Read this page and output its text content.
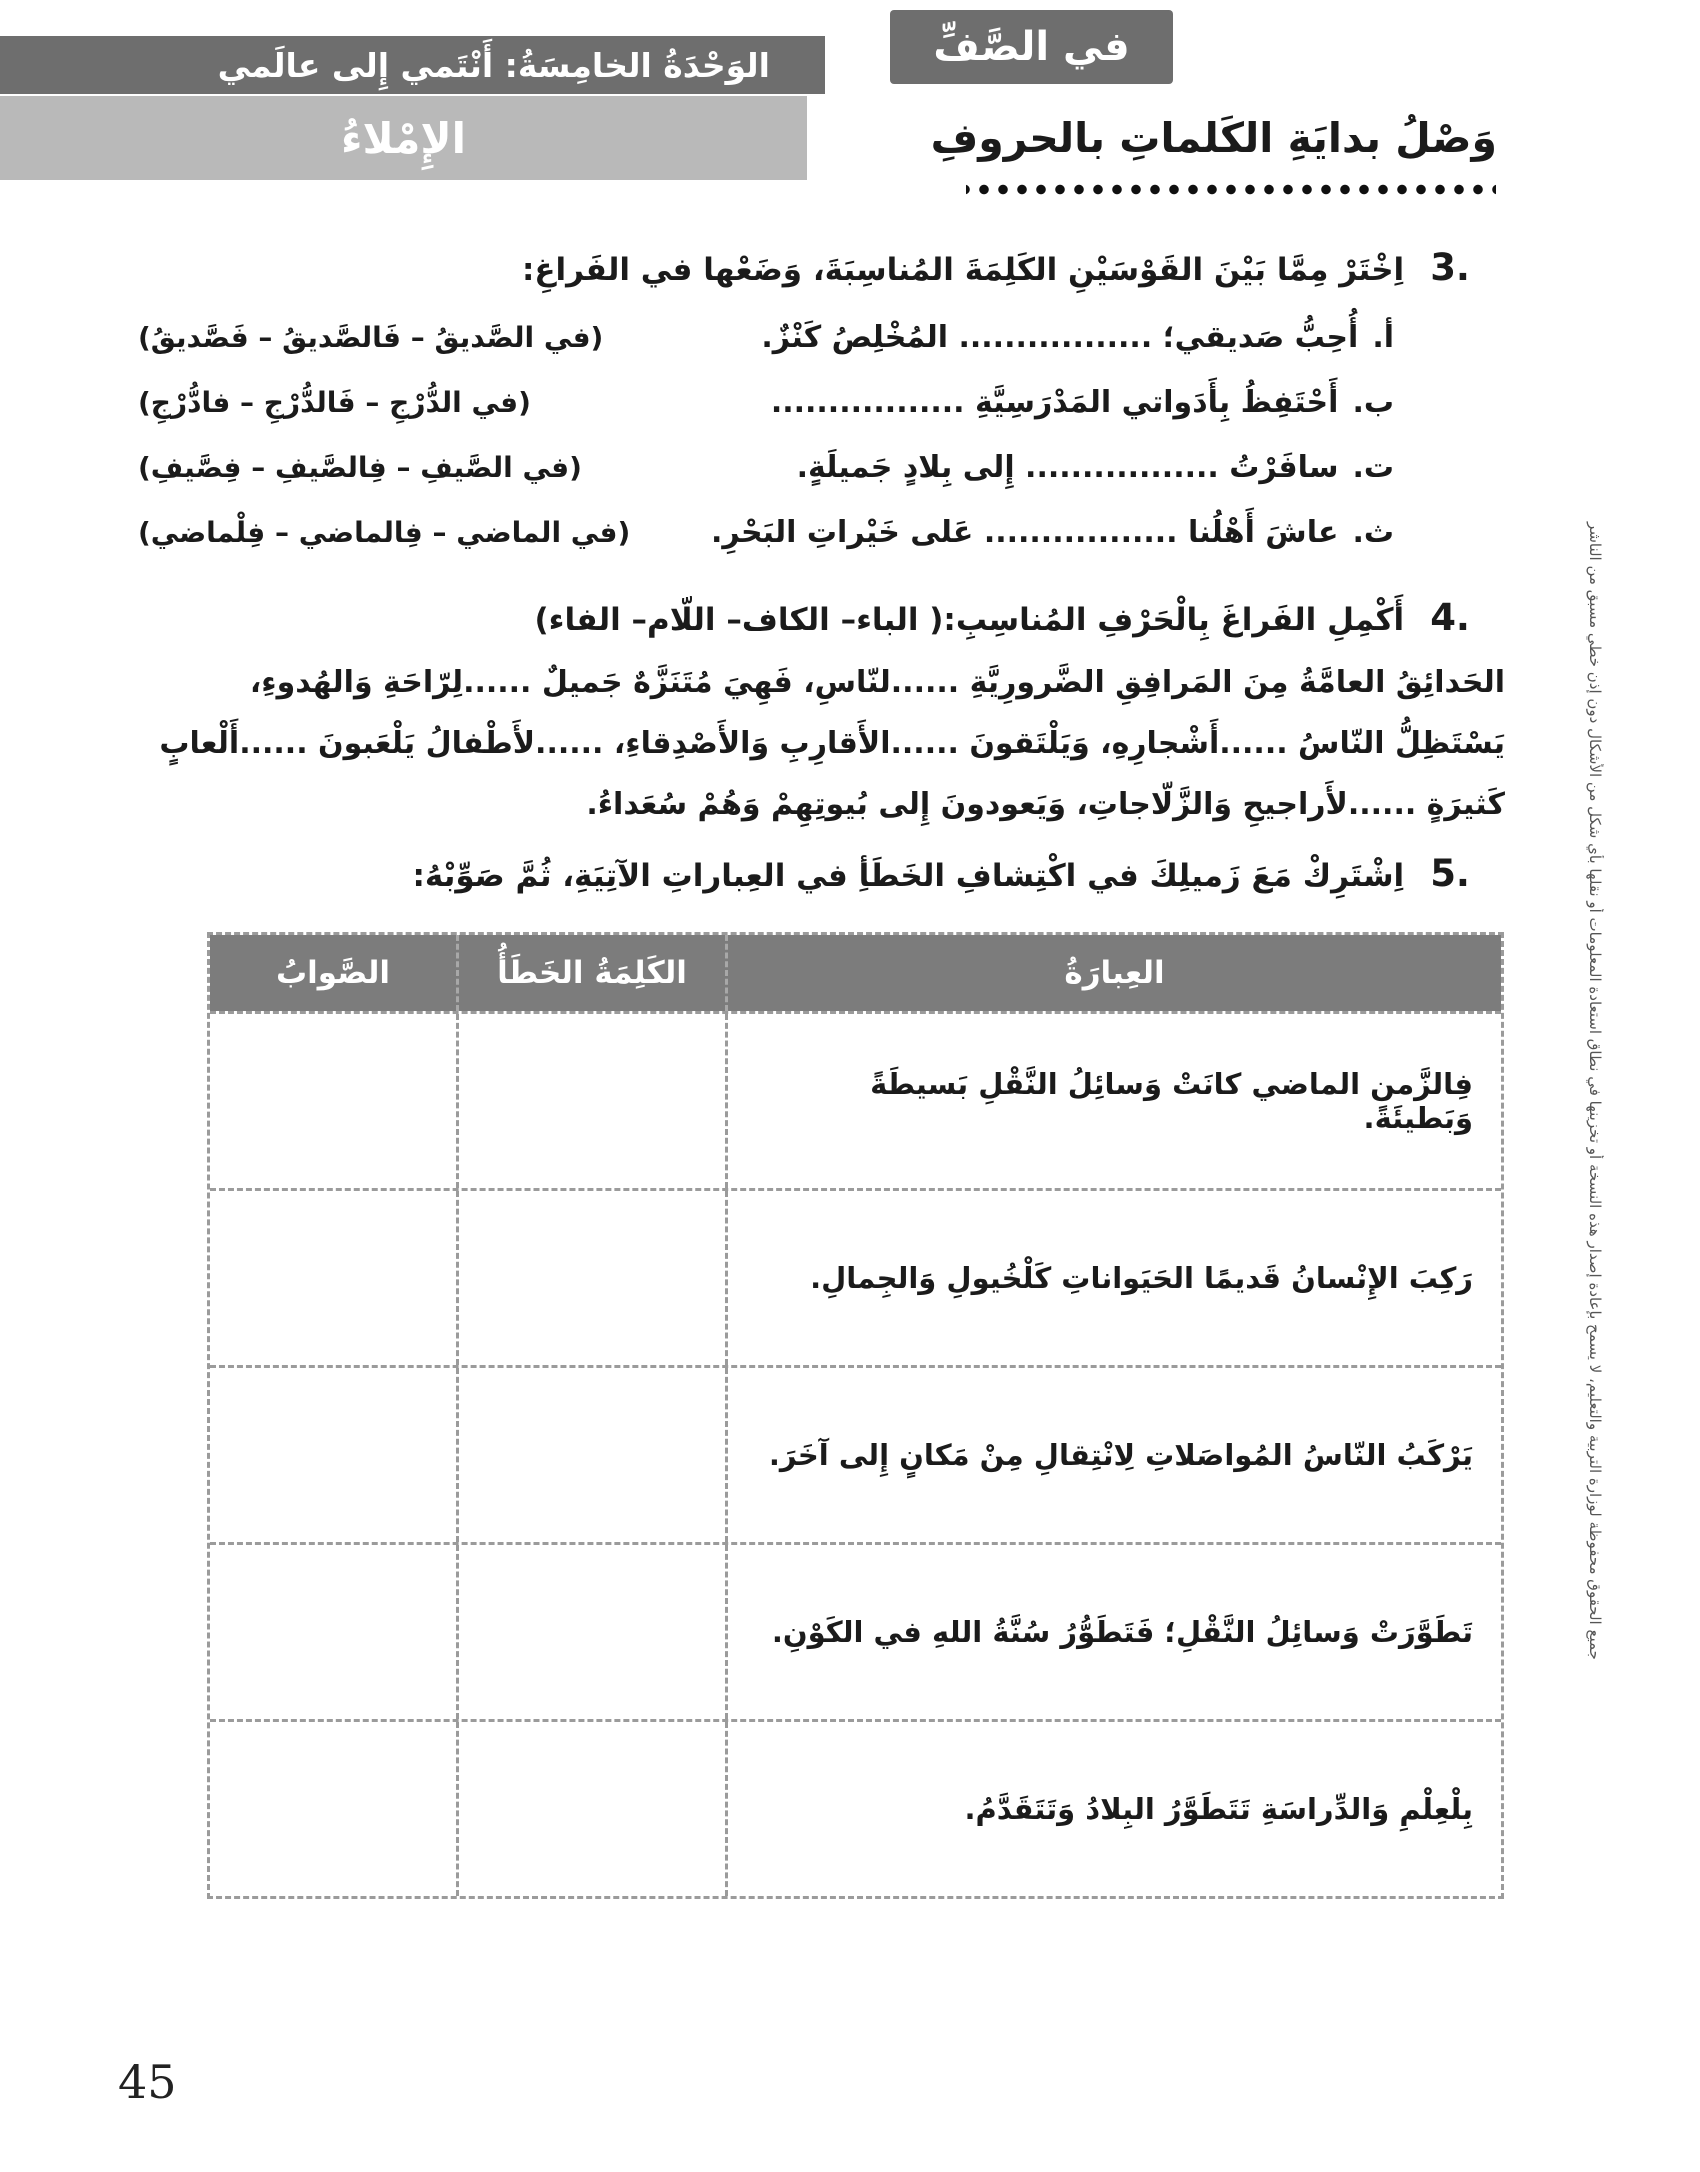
الوَحْدَةُ الخامِسَةُ: أَنْتَمي إِلى عالَمي
الإِمْلاءُ
في الصَّفِّ
وَصْلُ بدايَةِ الكَلماتِ بالحروفِ
3.
اِخْتَرْ مِمَّا بَيْنَ القَوْسَيْنِ الكَلِمَةَ المُناسِبَةَ، وَضَعْها في الفَراغِ:
أ.
أُحِبُّ صَديقي؛ ................. المُخْلِصُ كَنْزٌ.
(في الصَّديقُ – فَالصَّديقُ – فَصَّديقُ)
ب.
أَحْتَفِظُ بِأَدَواتي المَدْرَسِيَّةِ .................
(في الدُّرْجِ – فَالدُّرْجِ – فادُّرْجِ)
ت.
سافَرْتُ ................. إِلى بِلادٍ جَميلَةٍ.
(في الصَّيفِ – فِالصَّيفِ – فِصَّيفِ)
ث.
عاشَ أَهْلُنا ................. عَلى خَيْراتِ البَحْرِ.
(في الماضي – فِالماضي – فِلْماضي)
4.
أَكْمِلِ الفَراغَ بِالْحَرْفِ المُناسِبِ:( الباء– الكاف– اللّام– الفاء)
الحَدائِقُ العامَّةُ مِنَ المَرافِقِ الضَّرورِيَّةِ ......لنّاسِ، فَهِيَ مُتَنَزَّهٌ جَميلٌ ......لِرّاحَةِ وَالهُدوءِ،
يَسْتَظِلُّ النّاسُ ......أَشْجارِهِ، وَيَلْتَقونَ ......الأَقارِبِ وَالأَصْدِقاءِ، ......لأَطْفالُ يَلْعَبونَ ......أَلْعابٍ
كَثيرَةٍ ......لأَراجيحِ وَالزَّلّاجاتِ، وَيَعودونَ إِلى بُيوتِهِمْ وَهُمْ سُعَداءُ.
5.
اِشْتَرِكْ مَعَ زَميلِكَ في اكْتِشافِ الخَطَأِ في العِباراتِ الآتِيَةِ، ثُمَّ صَوِّبْهُ:
العِبارَةُ
الكَلِمَةُ الخَطَأُ
الصَّوابُ
فِالزَّمن الماضي كانَتْ وَسائِلُ النَّقْلِ بَسيطَةً وَبَطيئَةً.
رَكِبَ الإِنْسانُ قَديمًا الحَيَواناتِ كَلْخُيولِ وَالجِمالِ.
يَرْكَبُ النّاسُ المُواصَلاتِ لِانْتِقالِ مِنْ مَكانٍ إِلى آخَرَ.
تَطَوَّرَتْ وَسائِلُ النَّقْلِ؛ فَتَطَوُّرُ سُنَّةُ اللهِ في الكَوْنِ.
بِلْعِلْمِ وَالدِّراسَةِ تَتَطَوَّرُ البِلادُ وَتَتَقَدَّمُ.
جميع الحقوق محفوظة لوزارة التربية والتعليم، لا يسمح بإعادة إصدار هذه النسخة أو تخزينها في نطاق استعادة المعلومات أو نقلها بأي شكل من الأشكال دون إذن خطي مسبق من الناشر
45
